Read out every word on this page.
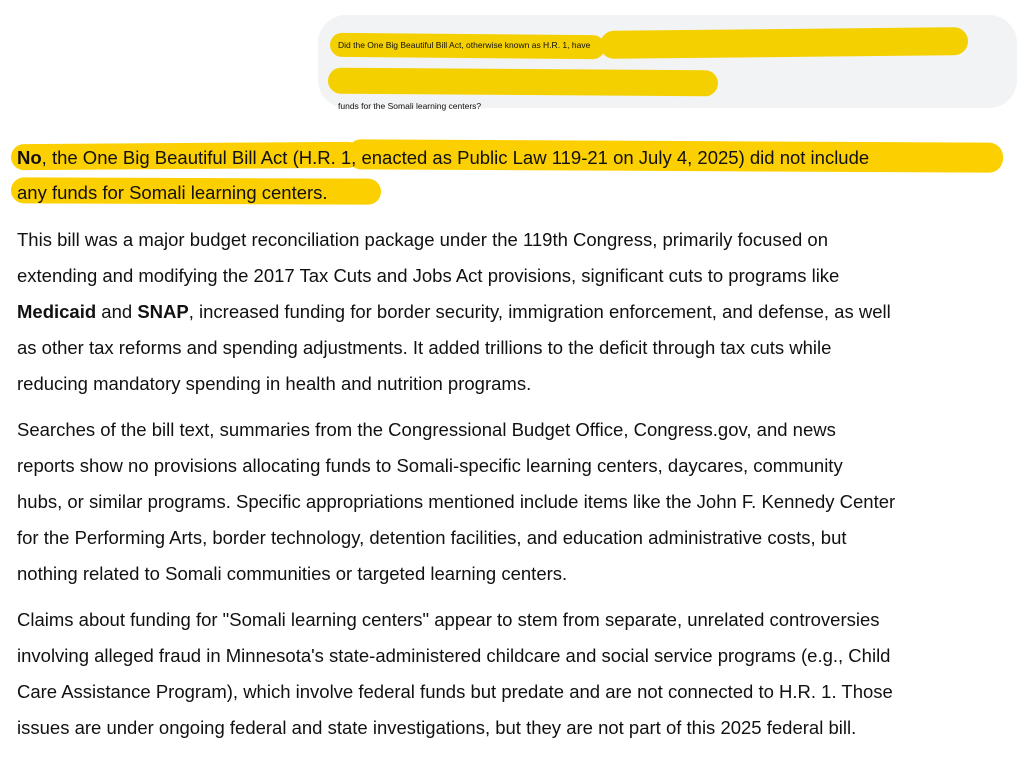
Did the One Big Beautiful Bill Act, otherwise known as H.R. 1, have
funds for the Somali learning centers?
No, the One Big Beautiful Bill Act (H.R. 1, enacted as Public Law 119-21 on July 4, 2025) did not include
any funds for Somali learning centers.
This bill was a major budget reconciliation package under the 119th Congress, primarily focused on
extending and modifying the 2017 Tax Cuts and Jobs Act provisions, significant cuts to programs like
Medicaid and SNAP, increased funding for border security, immigration enforcement, and defense, as well
as other tax reforms and spending adjustments. It added trillions to the deficit through tax cuts while
reducing mandatory spending in health and nutrition programs.
Searches of the bill text, summaries from the Congressional Budget Office, Congress.gov, and news
reports show no provisions allocating funds to Somali-specific learning centers, daycares, community
hubs, or similar programs. Specific appropriations mentioned include items like the John F. Kennedy Center
for the Performing Arts, border technology, detention facilities, and education administrative costs, but
nothing related to Somali communities or targeted learning centers.
Claims about funding for "Somali learning centers" appear to stem from separate, unrelated controversies
involving alleged fraud in Minnesota's state-administered childcare and social service programs (e.g., Child
Care Assistance Program), which involve federal funds but predate and are not connected to H.R. 1. Those
issues are under ongoing federal and state investigations, but they are not part of this 2025 federal bill.
